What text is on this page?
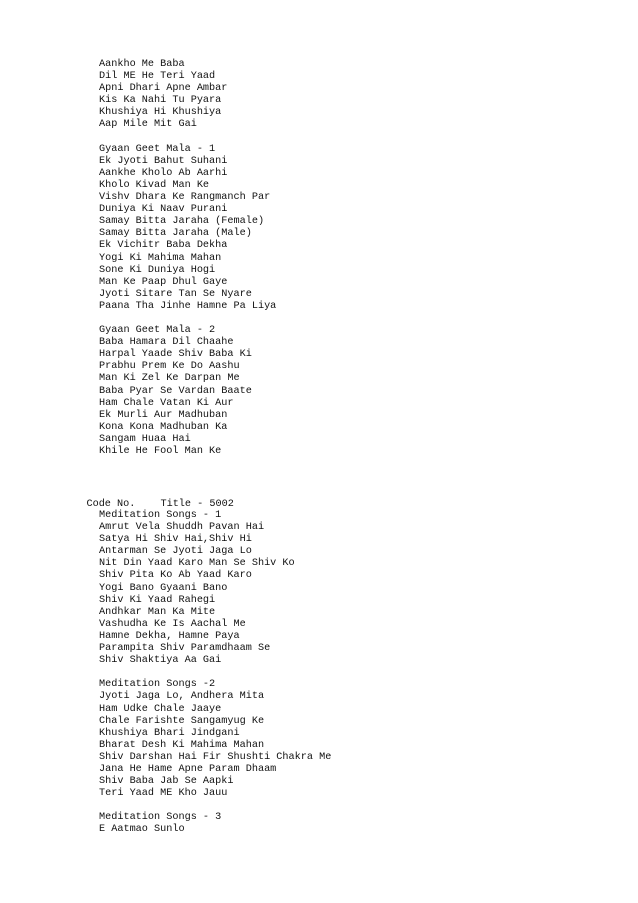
Aankho Me Baba
Dil ME He Teri Yaad
Apni Dhari Apne Ambar
Kis Ka Nahi Tu Pyara
Khushiya Hi Khushiya
Aap Mile Mit Gai
Gyaan Geet Mala - 1
Ek Jyoti Bahut Suhani
Aankhe Kholo Ab Aarhi
Kholo Kivad Man Ke
Vishv Dhara Ke Rangmanch Par
Duniya Ki Naav Purani
Samay Bitta Jaraha (Female)
Samay Bitta Jaraha (Male)
Ek Vichitr Baba Dekha
Yogi Ki Mahima Mahan
Sone Ki Duniya Hogi
Man Ke Paap Dhul Gaye
Jyoti Sitare Tan Se Nyare
Paana Tha Jinhe Hamne Pa Liya
Gyaan Geet Mala - 2
Baba Hamara Dil Chaahe
Harpal Yaade Shiv Baba Ki
Prabhu Prem Ke Do Aashu
Man Ki Zel Ke Darpan Me
Baba Pyar Se Vardan Baate
Ham Chale Vatan Ki Aur
Ek Murli Aur Madhuban
Kona Kona Madhuban Ka
Sangam Huaa Hai
Khile He Fool Man Ke

Code No. Title - 5002

Meditation Songs - 1
Amrut Vela Shuddh Pavan Hai
Satya Hi Shiv Hai,Shiv Hi
Antarman Se Jyoti Jaga Lo
Nit Din Yaad Karo Man Se Shiv Ko
Shiv Pita Ko Ab Yaad Karo
Yogi Bano Gyaani Bano
Shiv Ki Yaad Rahegi
Andhkar Man Ka Mite
Vashudha Ke Is Aachal Me
Hamne Dekha, Hamne Paya
Parampita Shiv Paramdhaam Se
Shiv Shaktiya Aa Gai
Meditation Songs -2
Jyoti Jaga Lo, Andhera Mita
Ham Udke Chale Jaaye
Chale Farishte Sangamyug Ke
Khushiya Bhari Jindgani
Bharat Desh Ki Mahima Mahan
Shiv Darshan Hai Fir Shushti Chakra Me
Jana He Hame Apne Param Dhaam
Shiv Baba Jab Se Aapki
Teri Yaad ME Kho Jauu
Meditation Songs - 3
E Aatmao Sunlo
